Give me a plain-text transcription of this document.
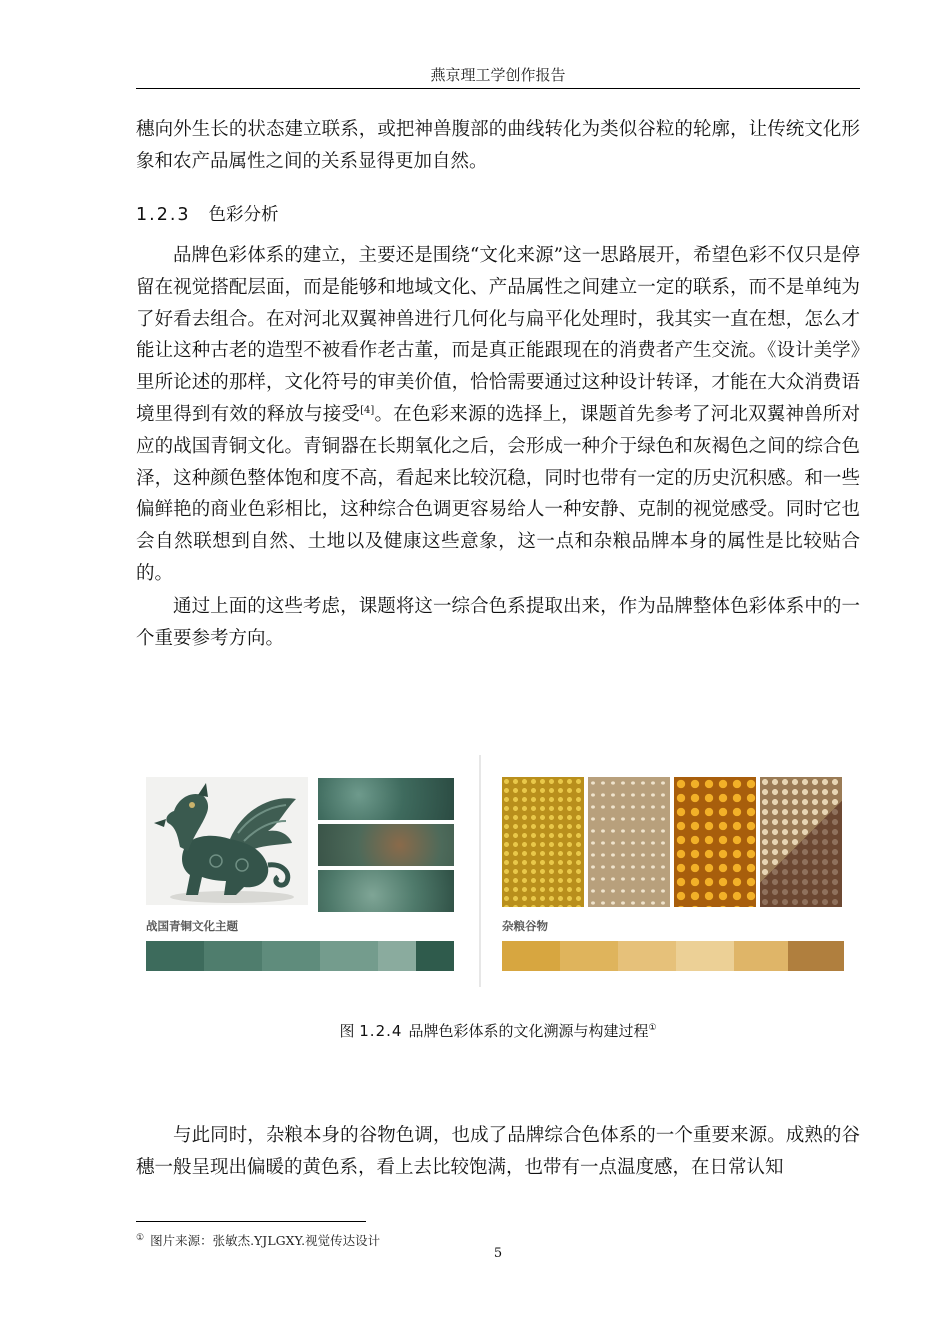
燕京理工学创作报告

穗向外生长的状态建立联系，或把神兽腹部的曲线转化为类似谷粒的轮廓，让传统文化形象和农产品属性之间的关系显得更加自然。

1.2.3 色彩分析

品牌色彩体系的建立，主要还是围绕“文化来源”这一思路展开，希望色彩不仅只是停留在视觉搭配层面，而是能够和地域文化、产品属性之间建立一定的联系，而不是单纯为了好看去组合。在对河北双翼神兽进行几何化与扁平化处理时，我其实一直在想，怎么才能让这种古老的造型不被看作老古董，而是真正能跟现在的消费者产生交流。《设计美学》里所论述的那样，文化符号的审美价值，恰恰需要通过这种设计转译，才能在大众消费语境里得到有效的释放与接受[4]。在色彩来源的选择上，课题首先参考了河北双翼神兽所对应的战国青铜文化。青铜器在长期氧化之后，会形成一种介于绿色和灰褐色之间的综合色泽，这种颜色整体饱和度不高，看起来比较沉稳，同时也带有一定的历史沉积感。和一些偏鲜艳的商业色彩相比，这种综合色调更容易给人一种安静、克制的视觉感受。同时它也会自然联想到自然、土地以及健康这些意象，这一点和杂粮品牌本身的属性是比较贴合的。

通过上面的这些考虑，课题将这一综合色系提取出来，作为品牌整体色彩体系中的一个重要参考方向。

战国青铜文化主题	杂粮谷物
图 1.2.4 品牌色彩体系的文化溯源与构建过程①

与此同时，杂粮本身的谷物色调，也成了品牌综合色体系的一个重要来源。成熟的谷穗一般呈现出偏暖的黄色系，看上去比较饱满，也带有一点温度感，在日常认知

① 图片来源：张敏杰.YJLGXY.视觉传达设计
5
